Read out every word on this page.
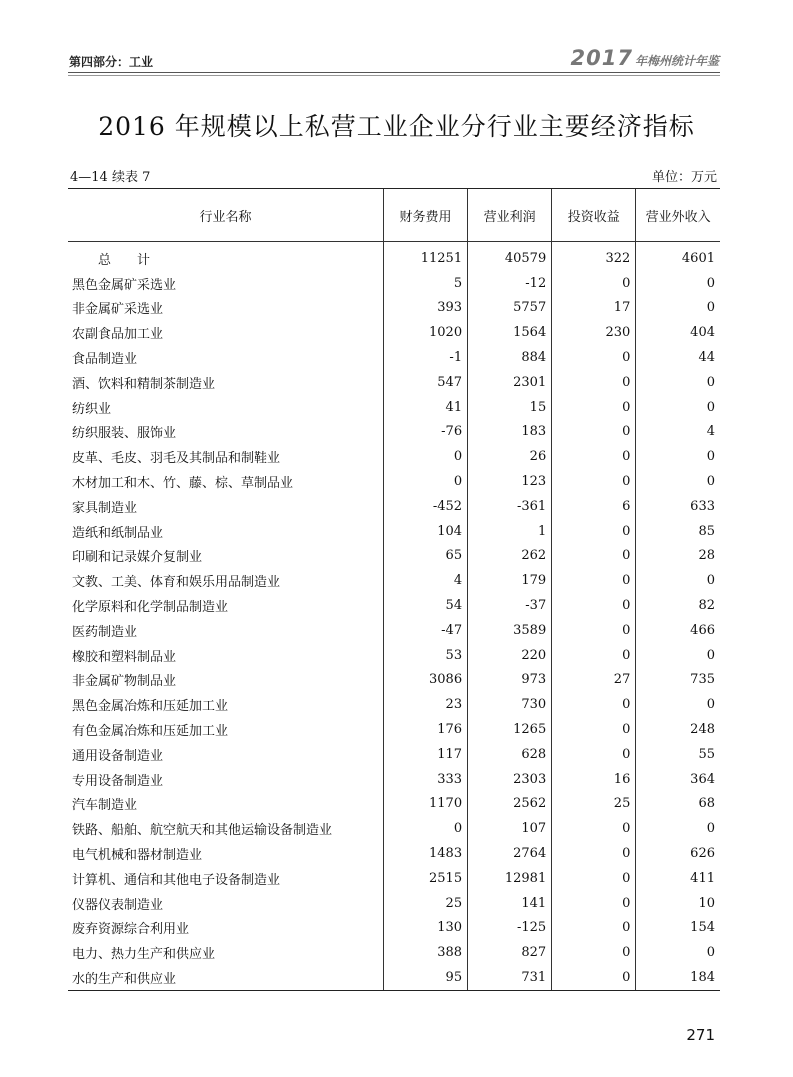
第四部分：工业	2017 年梅州统计年鉴
2016 年规模以上私营工业企业分行业主要经济指标
4—14 续表 7	单位：万元
行业名称	财务费用	营业利润	投资收益	营业外收入
总　　计	11251	40579	322	4601
黑色金属矿采选业	5	-12	0	0
非金属矿采选业	393	5757	17	0
农副食品加工业	1020	1564	230	404
食品制造业	-1	884	0	44
酒、饮料和精制茶制造业	547	2301	0	0
纺织业	41	15	0	0
纺织服装、服饰业	-76	183	0	4
皮革、毛皮、羽毛及其制品和制鞋业	0	26	0	0
木材加工和木、竹、藤、棕、草制品业	0	123	0	0
家具制造业	-452	-361	6	633
造纸和纸制品业	104	1	0	85
印刷和记录媒介复制业	65	262	0	28
文教、工美、体育和娱乐用品制造业	4	179	0	0
化学原料和化学制品制造业	54	-37	0	82
医药制造业	-47	3589	0	466
橡胶和塑料制品业	53	220	0	0
非金属矿物制品业	3086	973	27	735
黑色金属冶炼和压延加工业	23	730	0	0
有色金属冶炼和压延加工业	176	1265	0	248
通用设备制造业	117	628	0	55
专用设备制造业	333	2303	16	364
汽车制造业	1170	2562	25	68
铁路、船舶、航空航天和其他运输设备制造业	0	107	0	0
电气机械和器材制造业	1483	2764	0	626
计算机、通信和其他电子设备制造业	2515	12981	0	411
仪器仪表制造业	25	141	0	10
废弃资源综合利用业	130	-125	0	154
电力、热力生产和供应业	388	827	0	0
水的生产和供应业	95	731	0	184
271
